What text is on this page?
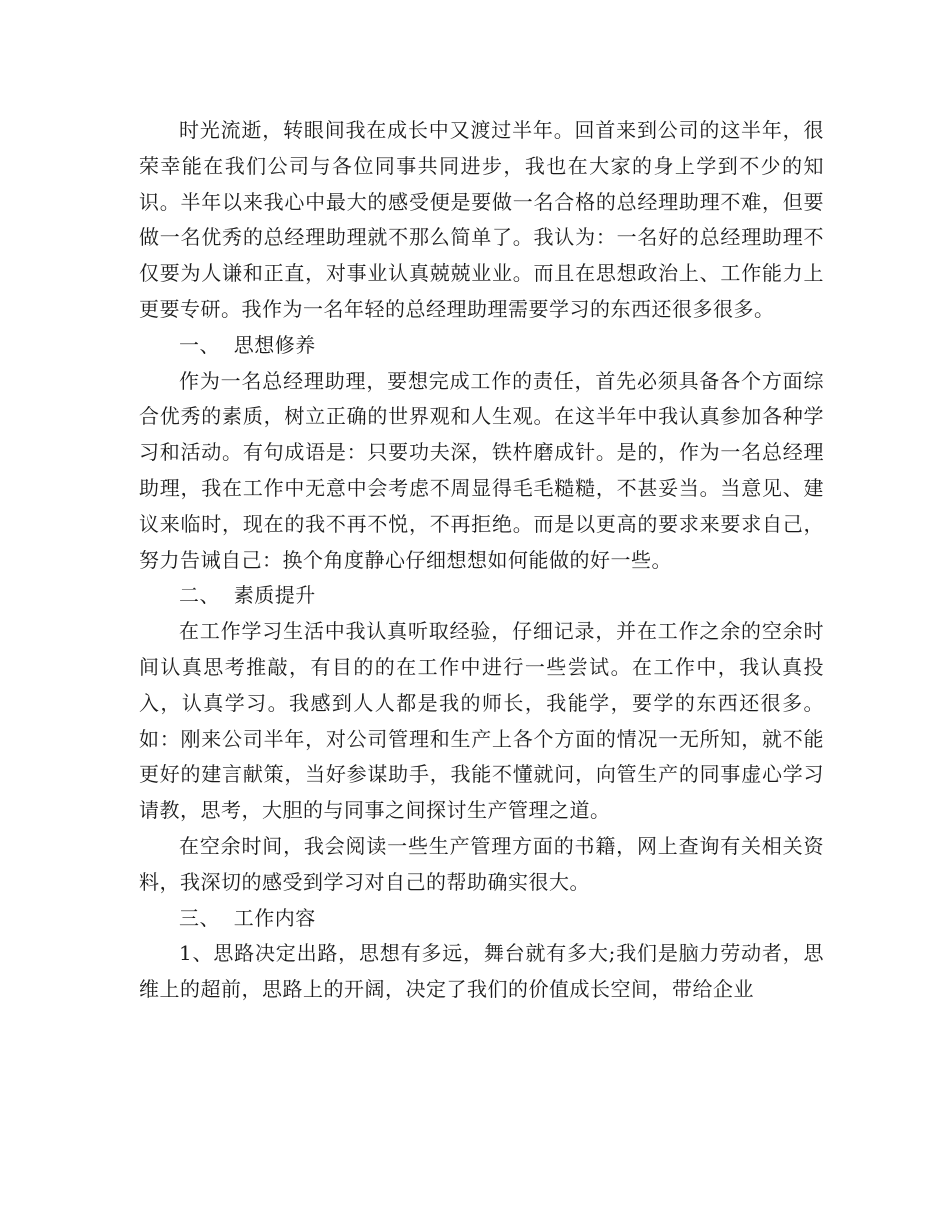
时光流逝，转眼间我在成长中又渡过半年。回首来到公司的这半年，很荣幸能在我们公司与各位同事共同进步，我也在大家的身上学到不少的知识。半年以来我心中最大的感受便是要做一名合格的总经理助理不难，但要做一名优秀的总经理助理就不那么简单了。我认为：一名好的总经理助理不仅要为人谦和正直，对事业认真兢兢业业。而且在思想政治上、工作能力上更要专研。我作为一名年轻的总经理助理需要学习的东西还很多很多。

一、  思想修养

作为一名总经理助理，要想完成工作的责任，首先必须具备各个方面综合优秀的素质，树立正确的世界观和人生观。在这半年中我认真参加各种学习和活动。有句成语是：只要功夫深，铁杵磨成针。是的，作为一名总经理助理，我在工作中无意中会考虑不周显得毛毛糙糙，不甚妥当。当意见、建议来临时，现在的我不再不悦，不再拒绝。而是以更高的要求来要求自己，努力告诫自己：换个角度静心仔细想想如何能做的好一些。

二、  素质提升

在工作学习生活中我认真听取经验，仔细记录，并在工作之余的空余时间认真思考推敲，有目的的在工作中进行一些尝试。在工作中，我认真投入，认真学习。我感到人人都是我的师长，我能学，要学的东西还很多。如：刚来公司半年，对公司管理和生产上各个方面的情况一无所知，就不能更好的建言献策，当好参谋助手，我能不懂就问，向管生产的同事虚心学习请教，思考，大胆的与同事之间探讨生产管理之道。

在空余时间，我会阅读一些生产管理方面的书籍，网上查询有关相关资料，我深切的感受到学习对自己的帮助确实很大。

三、  工作内容

1、思路决定出路，思想有多远，舞台就有多大;我们是脑力劳动者，思维上的超前，思路上的开阔，决定了我们的价值成长空间，带给企业
